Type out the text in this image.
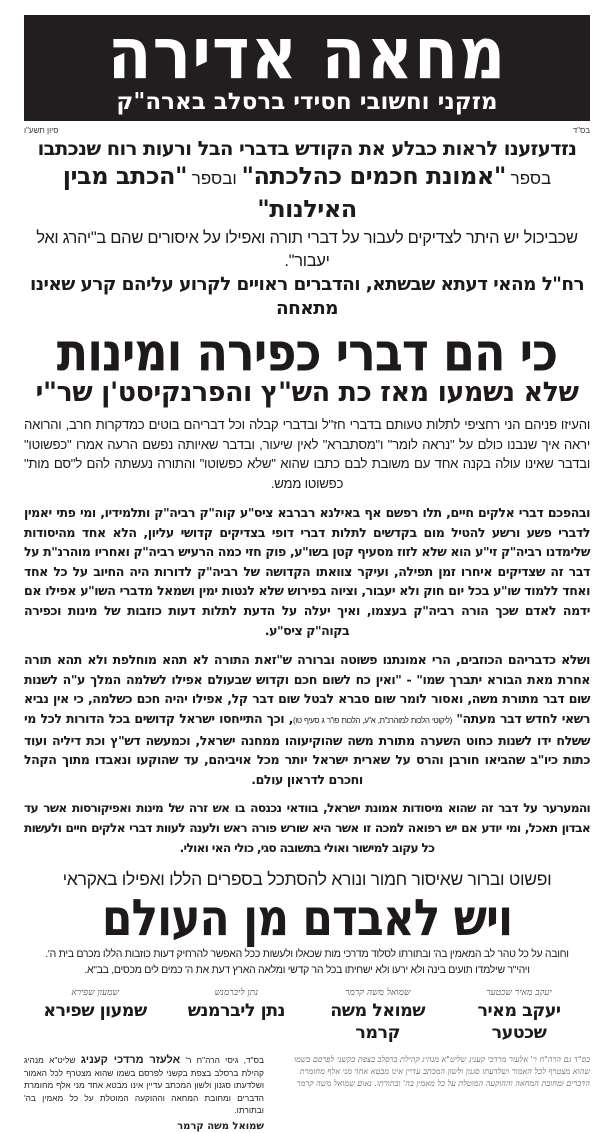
מחאה אדירה
מזקני וחשובי חסידי ברסלב בארה"ק
בס"ד
סיון תשע"ו
נזדעזענו לראות כבלע את הקודש בדברי הבל ורעות רוח שנכתבו
בספר "אמונת חכמים כהלכתה" ובספר "הכתב מבין האילנות"
שכביכול יש היתר לצדיקים לעבור על דברי תורה ואפילו על איסורים שהם ב"יהרג ואל יעבור".
רח"ל מהאי דעתא שבשתא, והדברים ראויים לקרוע עליהם קרע שאינו מתאחה
כי הם דברי כפירה ומינות
שלא נשמעו מאז כת הש"ץ והפרנקיסט'ן שר"י

והעיזו פניהם הני רחציפי לתלות טעותם בדברי חז"ל ובדברי קבלה וכל דבריהם בוטים כמדקרות חרב, והרואה יראה איך שנבנו כולם על "נראה לומר" ו"מסתברא" לאין שיעור, ובדבר שאיותה נפשם הרעה אמרו "כפשוטו" ובדבר שאינו עולה בקנה אחד עם משובת לבם כתבו שהוא "שלא כפשוטו" והתורה נעשתה להם ל"סם מות" כפשוטו ממש.

ובהפכם דברי אלקים חיים, תלו רפשם אף באילנא רברבא ציס"ע קוה"ק רביה"ק ותלמידיו, ומי פתי יאמין לדברי פשע ורשע להטיל מום בקדשים לתלות דברי דופי בצדיקים קדושי עליון, הלא אחד מהיסודות שלימדנו רביה"ק זי"ע הוא שלא לזוז מסעיף קטן בשו"ע, פוק חזי כמה הרעיש רביה"ק ואחריו מוהרנ"ת על דבר זה שצדיקים איחרו זמן תפילה, ועיקר צוואתו הקדושה של רביה"ק לדורות היה החיוב על כל אחד ואחד ללמוד שו"ע בכל יום חוק ולא יעבור, וציוה בפירוש שלא לנטות ימין ושמאל מדברי השו"ע אפילו אם ידמה לאדם שכך הורה רביה"ק בעצמו, ואיך יעלה על הדעת לתלות דעות כוזבות של מינות וכפירה בקוה"ק ציס"ע.

ושלא כדבריהם הכוזבים, הרי אמונתנו פשוטה וברורה ש"זאת התורה לא תהא מוחלפת ולא תהא תורה אחרת מאת הבורא יתברך שמו" - "ואין כח לשום חכם וקדוש שבעולם אפילו לשלמה המלך ע"ה לשנות שום דבר מתורת משה, ואסור לומר שום סברא לבטל שום דבר קל, אפילו יהיה חכם כשלמה, כי אין נביא רשאי לחדש דבר מעתה" (ליקוטי הלכות למוהרנ"ת, א"ע, הלכות פו"ר ג סעיף טו), וכך התייחסו ישראל קדושים בכל הדורות לכל מי ששלח ידו לשנות כחוט השערה מתורת משה שהוקיעוהו ממחנה ישראל, וכמעשה דש"ץ וכת דיליה ועוד כתות כיו"ב שהביאו חורבן והרס על שארית ישראל יותר מכל אויביהם, עד שהוקעו ונאבדו מתוך הקהל וחכרם לדראון עולם.

והמערער על דבר זה שהוא מיסודות אמונת ישראל, בוודאי נכנסה בו אש זרה של מינות ואפיקורסות אשר עד אבדון תאכל, ומי יודע אם יש רפואה למכה זו אשר היא שורש פורה ראש ולענה לעוות דברי אלקים חיים ולעשות כל עקוב למישור ואולי בתשובה סגי, כולי האי ואולי.

ופשוט וברור שאיסור חמור ונורא להסתכל בספרים הללו ואפילו באקראי
ויש לאבדם מן העולם
וחובה על כל טהר לב המאמין בה' ובתורתו לסלוד מדרכי מות שכאלו ולעשות ככל האפשר להרחיק דעות כוזבות הללו מכרם בית ה'.
ויהי"ר שילמדו תועים בינה ולא ירעו ולא ישחיתו בכל הר קדשי ומלאה הארץ דעת את ה' כמים לים מכסים, בב"א.
יעקב מאיר שכטער
יעקב מאיר שכטער
שמואל משה קרמר
שמואל משה קרמר
נתן ליברמנש
נתן ליברמנש
שמעון שפירא
שמעון שפירא
בס"ד גם הרה"ח ר' אלעזר מרדכי קעניג שליט"א מנהיג קהילת ברסלב בצפת בקשני לפרסם בשמו שהוא מצטרף לכל האמור ושלדעתו סגנון ולשון המכתב עדיין אינו מבטא אחד מני אלף מחומרת הדברים ומחובת המחאה וההוקעה המוטלת על כל מאמין בה' ובתורתו. נאום שמואל משה קרמר
בס"ד, גיסי הרה"ח ר' אלעזר מרדכי קעניג שליט"א מנהיג קהילת ברסלב בצפת בקשני לפרסם בשמו שהוא מצטרף לכל האמור ושלדעתו סגנון ולשון המכתב עדיין אינו מבטא אחד מני אלף מחומרת הדברים ומחובת המחאה וההוקעה המוטלת על כל מאמין בה' ובתורתו.
שמואל משה קרמר
